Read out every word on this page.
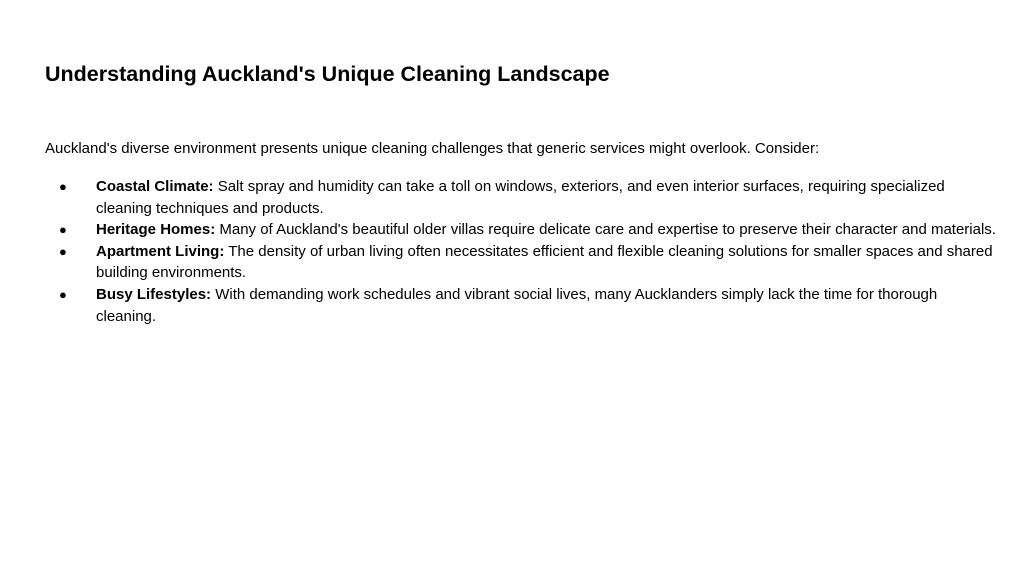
Understanding Auckland's Unique Cleaning Landscape

Auckland's diverse environment presents unique cleaning challenges that generic services might overlook. Consider:

● Coastal Climate: Salt spray and humidity can take a toll on windows, exteriors, and even interior surfaces, requiring specialized cleaning techniques and products.
● Heritage Homes: Many of Auckland's beautiful older villas require delicate care and expertise to preserve their character and materials.
● Apartment Living: The density of urban living often necessitates efficient and flexible cleaning solutions for smaller spaces and shared building environments.
● Busy Lifestyles: With demanding work schedules and vibrant social lives, many Aucklanders simply lack the time for thorough cleaning.
